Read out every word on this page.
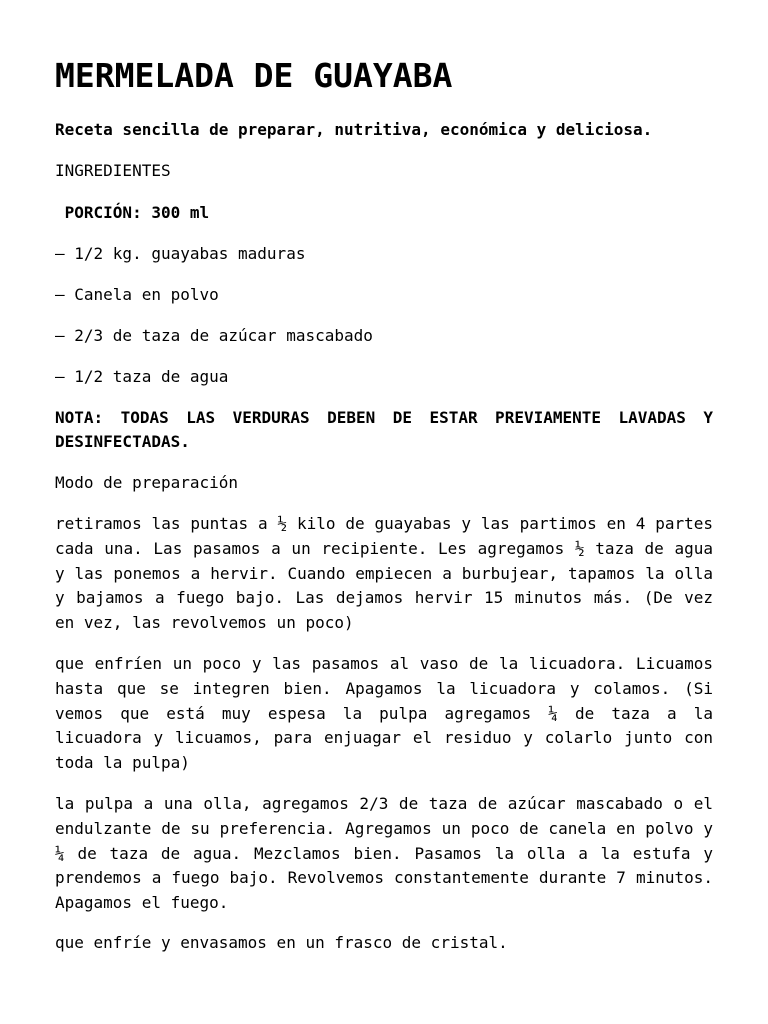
MERMELADA DE GUAYABA

Receta sencilla de preparar, nutritiva, económica y deliciosa.

INGREDIENTES

PORCIÓN: 300 ml

– 1/2 kg. guayabas maduras

– Canela en polvo

– 2/3 de taza de azúcar mascabado

– 1/2 taza de agua

NOTA: TODAS LAS VERDURAS DEBEN DE ESTAR PREVIAMENTE LAVADAS Y DESINFECTADAS.

Modo de preparación

retiramos las puntas a ½ kilo de guayabas y las partimos en 4 partes cada una. Las pasamos a un recipiente. Les agregamos ½ taza de agua y las ponemos a hervir. Cuando empiecen a burbujear, tapamos la olla y bajamos a fuego bajo. Las dejamos hervir 15 minutos más. (De vez en vez, las revolvemos un poco)

que enfríen un poco y las pasamos al vaso de la licuadora. Licuamos hasta que se integren bien. Apagamos la licuadora y colamos. (Si vemos que está muy espesa la pulpa agregamos ¼ de taza a la licuadora y licuamos, para enjuagar el residuo y colarlo junto con toda la pulpa)

la pulpa a una olla, agregamos 2/3 de taza de azúcar mascabado o el endulzante de su preferencia. Agregamos un poco de canela en polvo y ¼ de taza de agua. Mezclamos bien. Pasamos la olla a la estufa y prendemos a fuego bajo. Revolvemos constantemente durante 7 minutos. Apagamos el fuego.

que enfríe y envasamos en un frasco de cristal.
